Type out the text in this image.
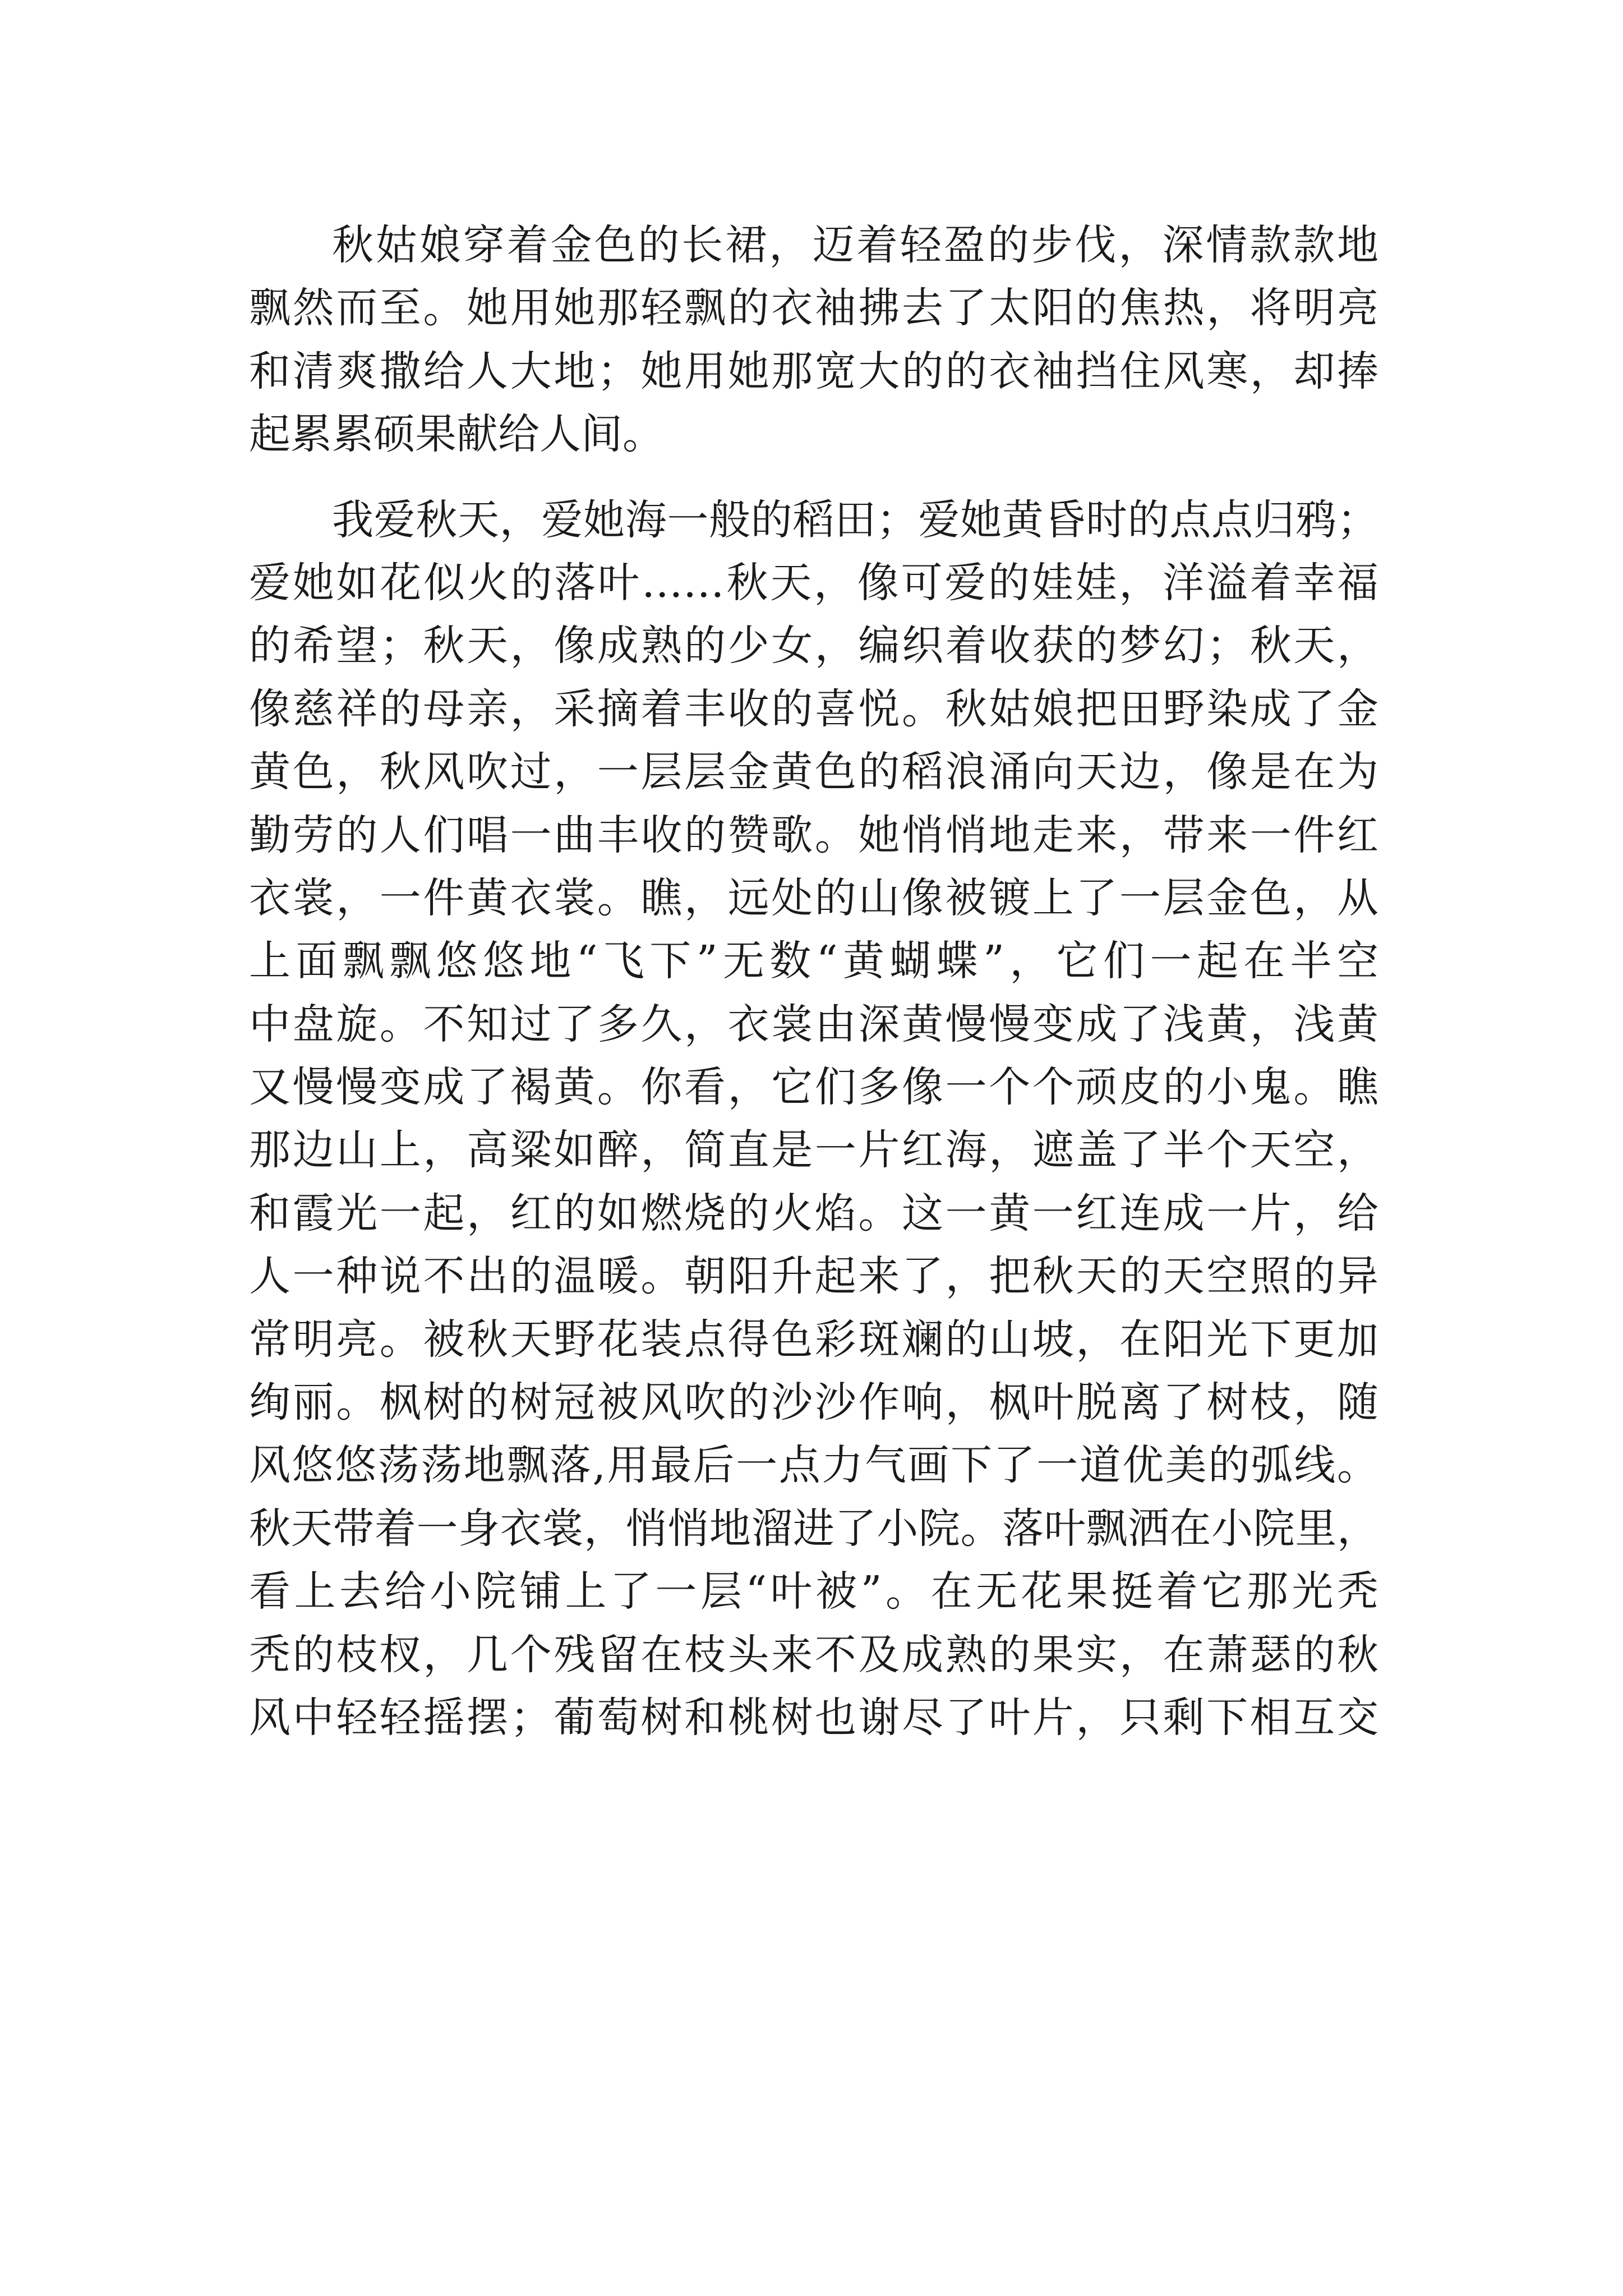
秋姑娘穿着金色的长裙，迈着轻盈的步伐，深情款款地
飘然而至。她用她那轻飘的衣袖拂去了太阳的焦热，将明亮
和清爽撒给人大地；她用她那宽大的的衣袖挡住风寒，却捧
起累累硕果献给人间。

我爱秋天，爱她海一般的稻田；爱她黄昏时的点点归鸦；
爱她如花似火的落叶……秋天，像可爱的娃娃，洋溢着幸福
的希望；秋天，像成熟的少女，编织着收获的梦幻；秋天，
像慈祥的母亲，采摘着丰收的喜悦。秋姑娘把田野染成了金
黄色，秋风吹过，一层层金黄色的稻浪涌向天边，像是在为
勤劳的人们唱一曲丰收的赞歌。她悄悄地走来，带来一件红
衣裳，一件黄衣裳。瞧，远处的山像被镀上了一层金色，从
上面飘飘悠悠地“飞下”无数“黄蝴蝶”，它们一起在半空
中盘旋。不知过了多久，衣裳由深黄慢慢变成了浅黄，浅黄
又慢慢变成了褐黄。你看，它们多像一个个顽皮的小鬼。瞧
那边山上，高粱如醉，简直是一片红海，遮盖了半个天空，
和霞光一起，红的如燃烧的火焰。这一黄一红连成一片，给
人一种说不出的温暖。朝阳升起来了，把秋天的天空照的异
常明亮。被秋天野花装点得色彩斑斓的山坡，在阳光下更加
绚丽。枫树的树冠被风吹的沙沙作响，枫叶脱离了树枝，随
风悠悠荡荡地飘落,用最后一点力气画下了一道优美的弧线。
秋天带着一身衣裳，悄悄地溜进了小院。落叶飘洒在小院里，
看上去给小院铺上了一层“叶被”。在无花果挺着它那光秃
秃的枝杈，几个残留在枝头来不及成熟的果实，在萧瑟的秋
风中轻轻摇摆；葡萄树和桃树也谢尽了叶片，只剩下相互交
